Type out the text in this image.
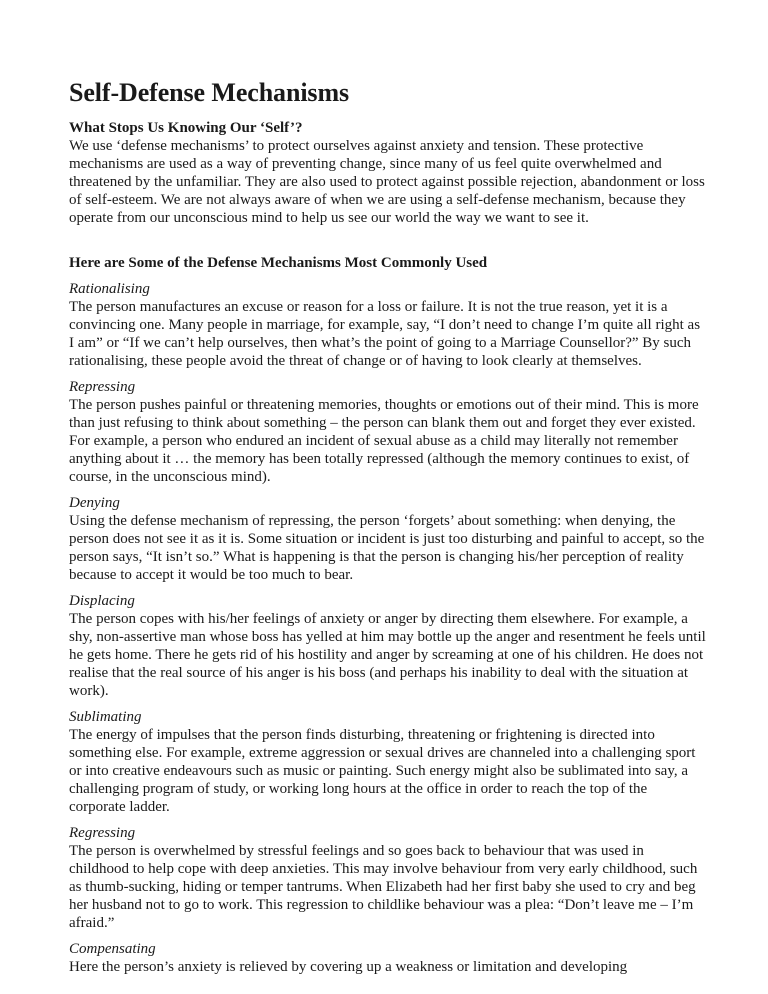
Self-Defense Mechanisms

What Stops Us Knowing Our ‘Self’?

We use ‘defense mechanisms’ to protect ourselves against anxiety and tension. These protective mechanisms are used as a way of preventing change, since many of us feel quite overwhelmed and threatened by the unfamiliar. They are also used to protect against possible rejection, abandonment or loss of self-esteem. We are not always aware of when we are using a self-defense mechanism, because they operate from our unconscious mind to help us see our world the way we want to see it.

Here are Some of the Defense Mechanisms Most Commonly Used

Rationalising

The person manufactures an excuse or reason for a loss or failure. It is not the true reason, yet it is a convincing one. Many people in marriage, for example, say, “I don’t need to change I’m quite all right as I am” or “If we can’t help ourselves, then what’s the point of going to a Marriage Counsellor?” By such rationalising, these people avoid the threat of change or of having to look clearly at themselves.

Repressing

The person pushes painful or threatening memories, thoughts or emotions out of their mind. This is more than just refusing to think about something – the person can blank them out and forget they ever existed. For example, a person who endured an incident of sexual abuse as a child may literally not remember anything about it … the memory has been totally repressed (although the memory continues to exist, of course, in the unconscious mind).

Denying

Using the defense mechanism of repressing, the person ‘forgets’ about something: when denying, the person does not see it as it is. Some situation or incident is just too disturbing and painful to accept, so the person says, “It isn’t so.” What is happening is that the person is changing his/her perception of reality because to accept it would be too much to bear.

Displacing

The person copes with his/her feelings of anxiety or anger by directing them elsewhere. For example, a shy, non-assertive man whose boss has yelled at him may bottle up the anger and resentment he feels until he gets home. There he gets rid of his hostility and anger by screaming at one of his children. He does not realise that the real source of his anger is his boss (and perhaps his inability to deal with the situation at work).

Sublimating

The energy of impulses that the person finds disturbing, threatening or frightening is directed into something else. For example, extreme aggression or sexual drives are channeled into a challenging sport or into creative endeavours such as music or painting. Such energy might also be sublimated into say, a challenging program of study, or working long hours at the office in order to reach the top of the corporate ladder.

Regressing

The person is overwhelmed by stressful feelings and so goes back to behaviour that was used in childhood to help cope with deep anxieties. This may involve behaviour from very early childhood, such as thumb-sucking, hiding or temper tantrums. When Elizabeth had her first baby she used to cry and beg her husband not to go to work. This regression to childlike behaviour was a plea: “Don’t leave me – I’m afraid.”

Compensating

Here the person’s anxiety is relieved by covering up a weakness or limitation and developing
